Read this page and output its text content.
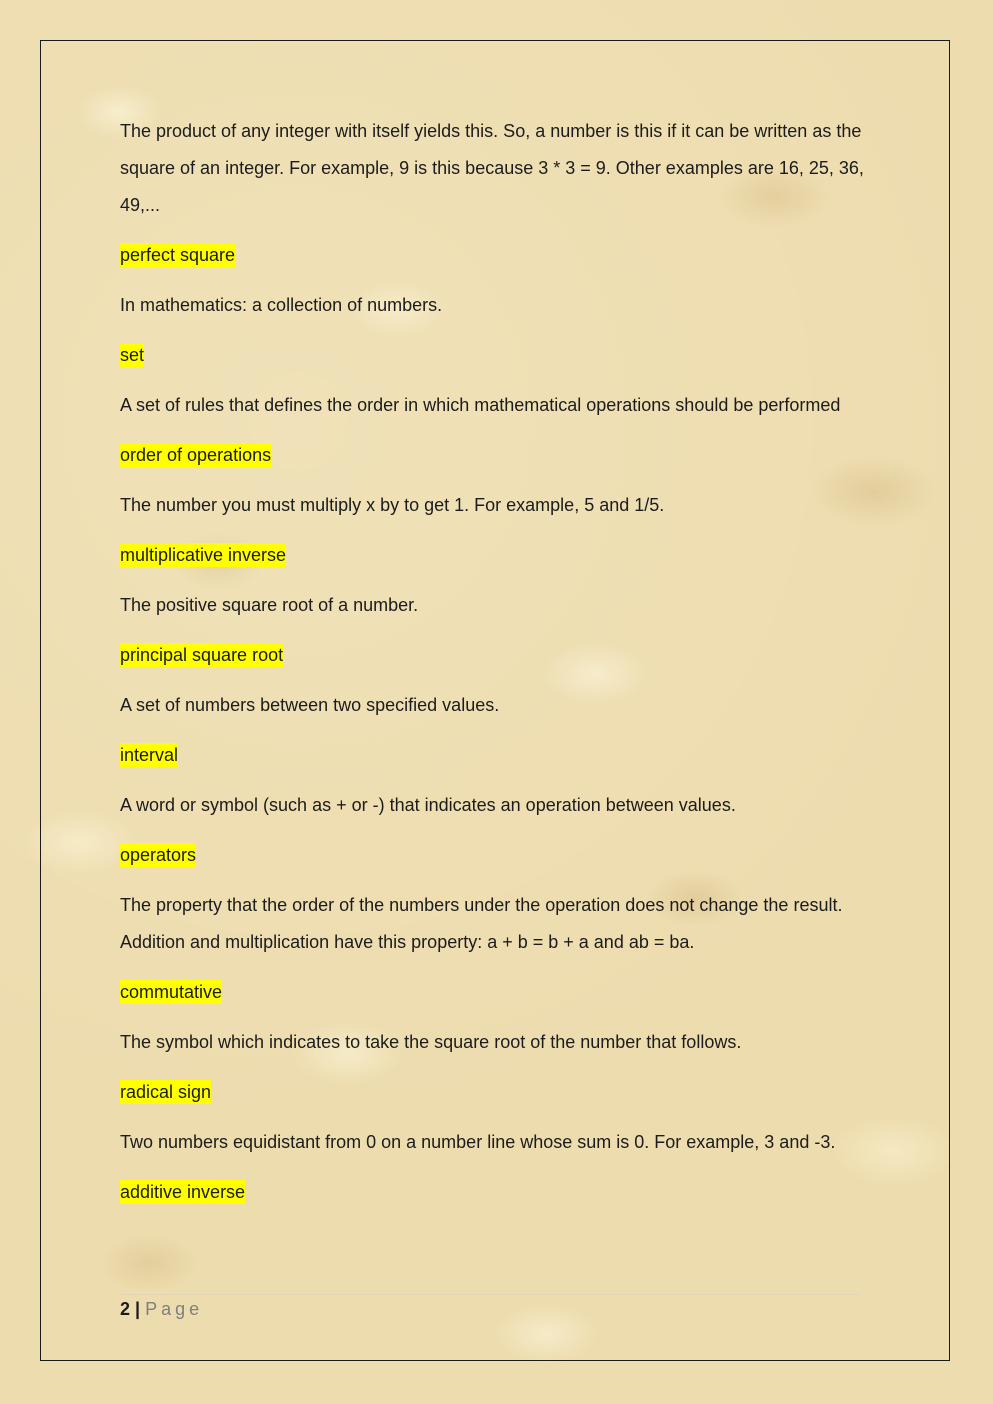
The product of any integer with itself yields this. So, a number is this if it can be written as the square of an integer. For example, 9 is this because 3 * 3 = 9. Other examples are 16, 25, 36, 49,...

perfect square

In mathematics: a collection of numbers.

set

A set of rules that defines the order in which mathematical operations should be performed

order of operations

The number you must multiply x by to get 1. For example, 5 and 1/5.

multiplicative inverse

The positive square root of a number.

principal square root

A set of numbers between two specified values.

interval

A word or symbol (such as + or -) that indicates an operation between values.

operators

The property that the order of the numbers under the operation does not change the result. Addition and multiplication have this property: a + b = b + a and ab = ba.

commutative

The symbol which indicates to take the square root of the number that follows.

radical sign

Two numbers equidistant from 0 on a number line whose sum is 0. For example, 3 and -3.

additive inverse

2 | Page
